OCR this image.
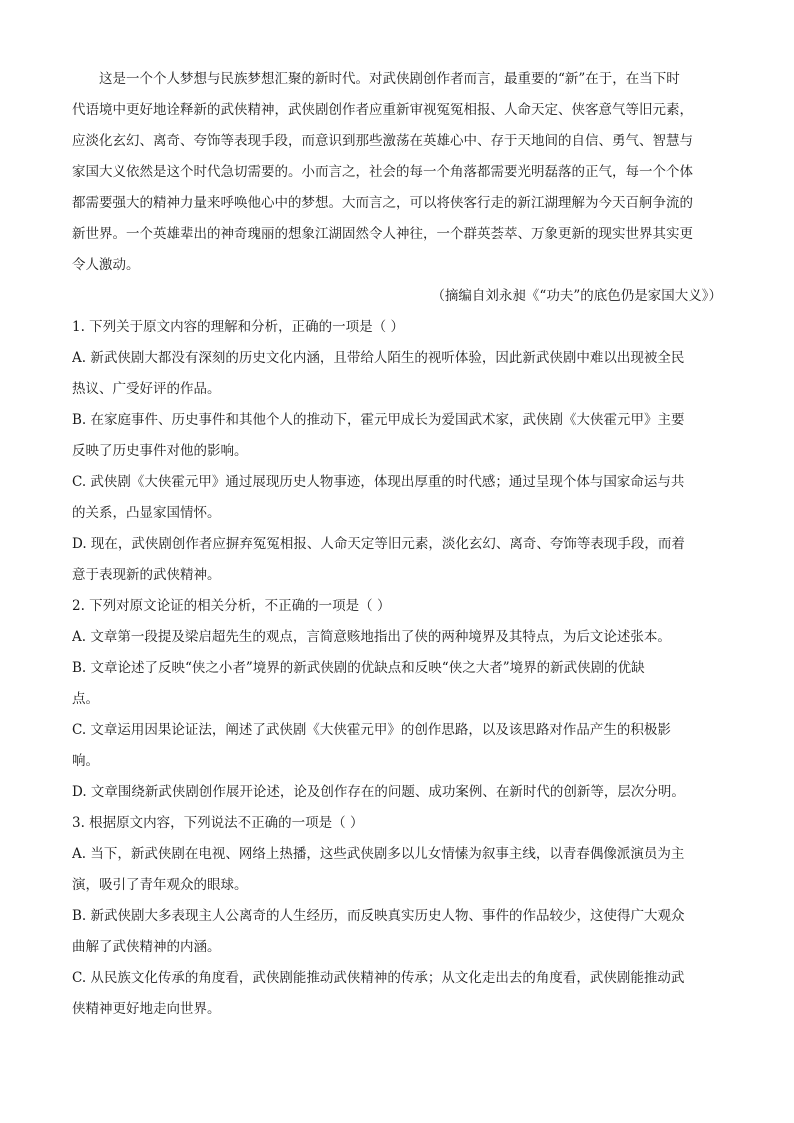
这是一个个人梦想与民族梦想汇聚的新时代。对武侠剧创作者而言，最重要的“新”在于，在当下时
代语境中更好地诠释新的武侠精神，武侠剧创作者应重新审视冤冤相报、人命天定、侠客意气等旧元素，
应淡化玄幻、离奇、夸饰等表现手段，而意识到那些激荡在英雄心中、存于天地间的自信、勇气、智慧与
家国大义依然是这个时代急切需要的。小而言之，社会的每一个角落都需要光明磊落的正气，每一个个体
都需要强大的精神力量来呼唤他心中的梦想。大而言之，可以将侠客行走的新江湖理解为今天百舸争流的
新世界。一个英雄辈出的神奇瑰丽的想象江湖固然令人神往，一个群英荟萃、万象更新的现实世界其实更
令人激动。
（摘编自刘永昶《“功夫”的底色仍是家国大义》）
1. 下列关于原文内容的理解和分析，正确的一项是（ ）
A. 新武侠剧大都没有深刻的历史文化内涵，且带给人陌生的视听体验，因此新武侠剧中难以出现被全民
热议、广受好评的作品。
B. 在家庭事件、历史事件和其他个人的推动下，霍元甲成长为爱国武术家，武侠剧《大侠霍元甲》主要
反映了历史事件对他的影响。
C. 武侠剧《大侠霍元甲》通过展现历史人物事迹，体现出厚重的时代感；通过呈现个体与国家命运与共
的关系，凸显家国情怀。
D. 现在，武侠剧创作者应摒弃冤冤相报、人命天定等旧元素，淡化玄幻、离奇、夸饰等表现手段，而着
意于表现新的武侠精神。
2. 下列对原文论证的相关分析，不正确的一项是（ ）
A. 文章第一段提及梁启超先生的观点，言简意赅地指出了侠的两种境界及其特点，为后文论述张本。
B. 文章论述了反映“侠之小者”境界的新武侠剧的优缺点和反映“侠之大者”境界的新武侠剧的优缺
点。
C. 文章运用因果论证法，阐述了武侠剧《大侠霍元甲》的创作思路，以及该思路对作品产生的积极影
响。
D. 文章围绕新武侠剧创作展开论述，论及创作存在的问题、成功案例、在新时代的创新等，层次分明。
3. 根据原文内容，下列说法不正确的一项是（ ）
A. 当下，新武侠剧在电视、网络上热播，这些武侠剧多以儿女情愫为叙事主线，以青春偶像派演员为主
演，吸引了青年观众的眼球。
B. 新武侠剧大多表现主人公离奇的人生经历，而反映真实历史人物、事件的作品较少，这使得广大观众
曲解了武侠精神的内涵。
C. 从民族文化传承的角度看，武侠剧能推动武侠精神的传承；从文化走出去的角度看，武侠剧能推动武
侠精神更好地走向世界。
